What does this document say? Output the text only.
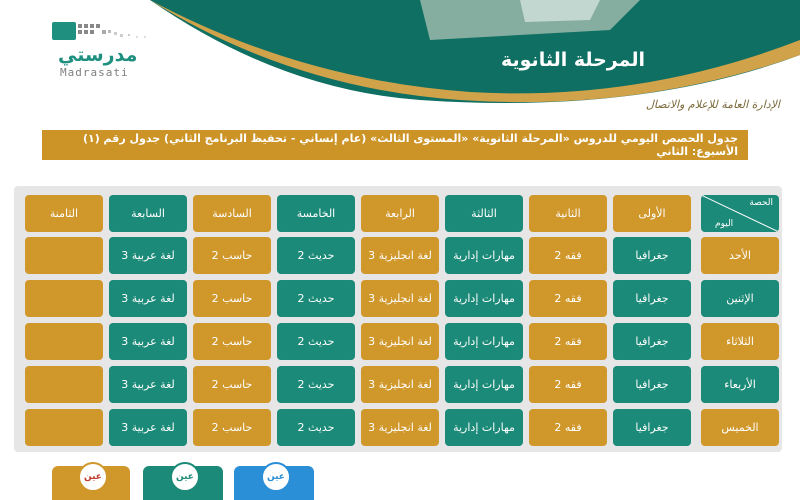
المرحلة الثانوية
مدرستي
Madrasati
الإدارة العامة للإعلام والاتصال
جدول الحصص اليومي للدروس «المرحلة الثانوية» «المستوى الثالث» (عام إنساني - تحفيظ البرنامج الثاني) جدول رقم (١) الأسبوع: الثاني
الحصة
اليوم
الأولى
الثانية
الثالثة
الرابعة
الخامسة
السادسة
السابعة
الثامنة
الأحد
جغرافيا
فقه 2
مهارات إدارية
لغة انجليزية 3
حديث 2
حاسب 2
لغة عربية 3
الإثنين
جغرافيا
فقه 2
مهارات إدارية
لغة انجليزية 3
حديث 2
حاسب 2
لغة عربية 3
الثلاثاء
جغرافيا
فقه 2
مهارات إدارية
لغة انجليزية 3
حديث 2
حاسب 2
لغة عربية 3
الأربعاء
جغرافيا
فقه 2
مهارات إدارية
لغة انجليزية 3
حديث 2
حاسب 2
لغة عربية 3
الخميس
جغرافيا
فقه 2
مهارات إدارية
لغة انجليزية 3
حديث 2
حاسب 2
لغة عربية 3
عين	عين	عين
